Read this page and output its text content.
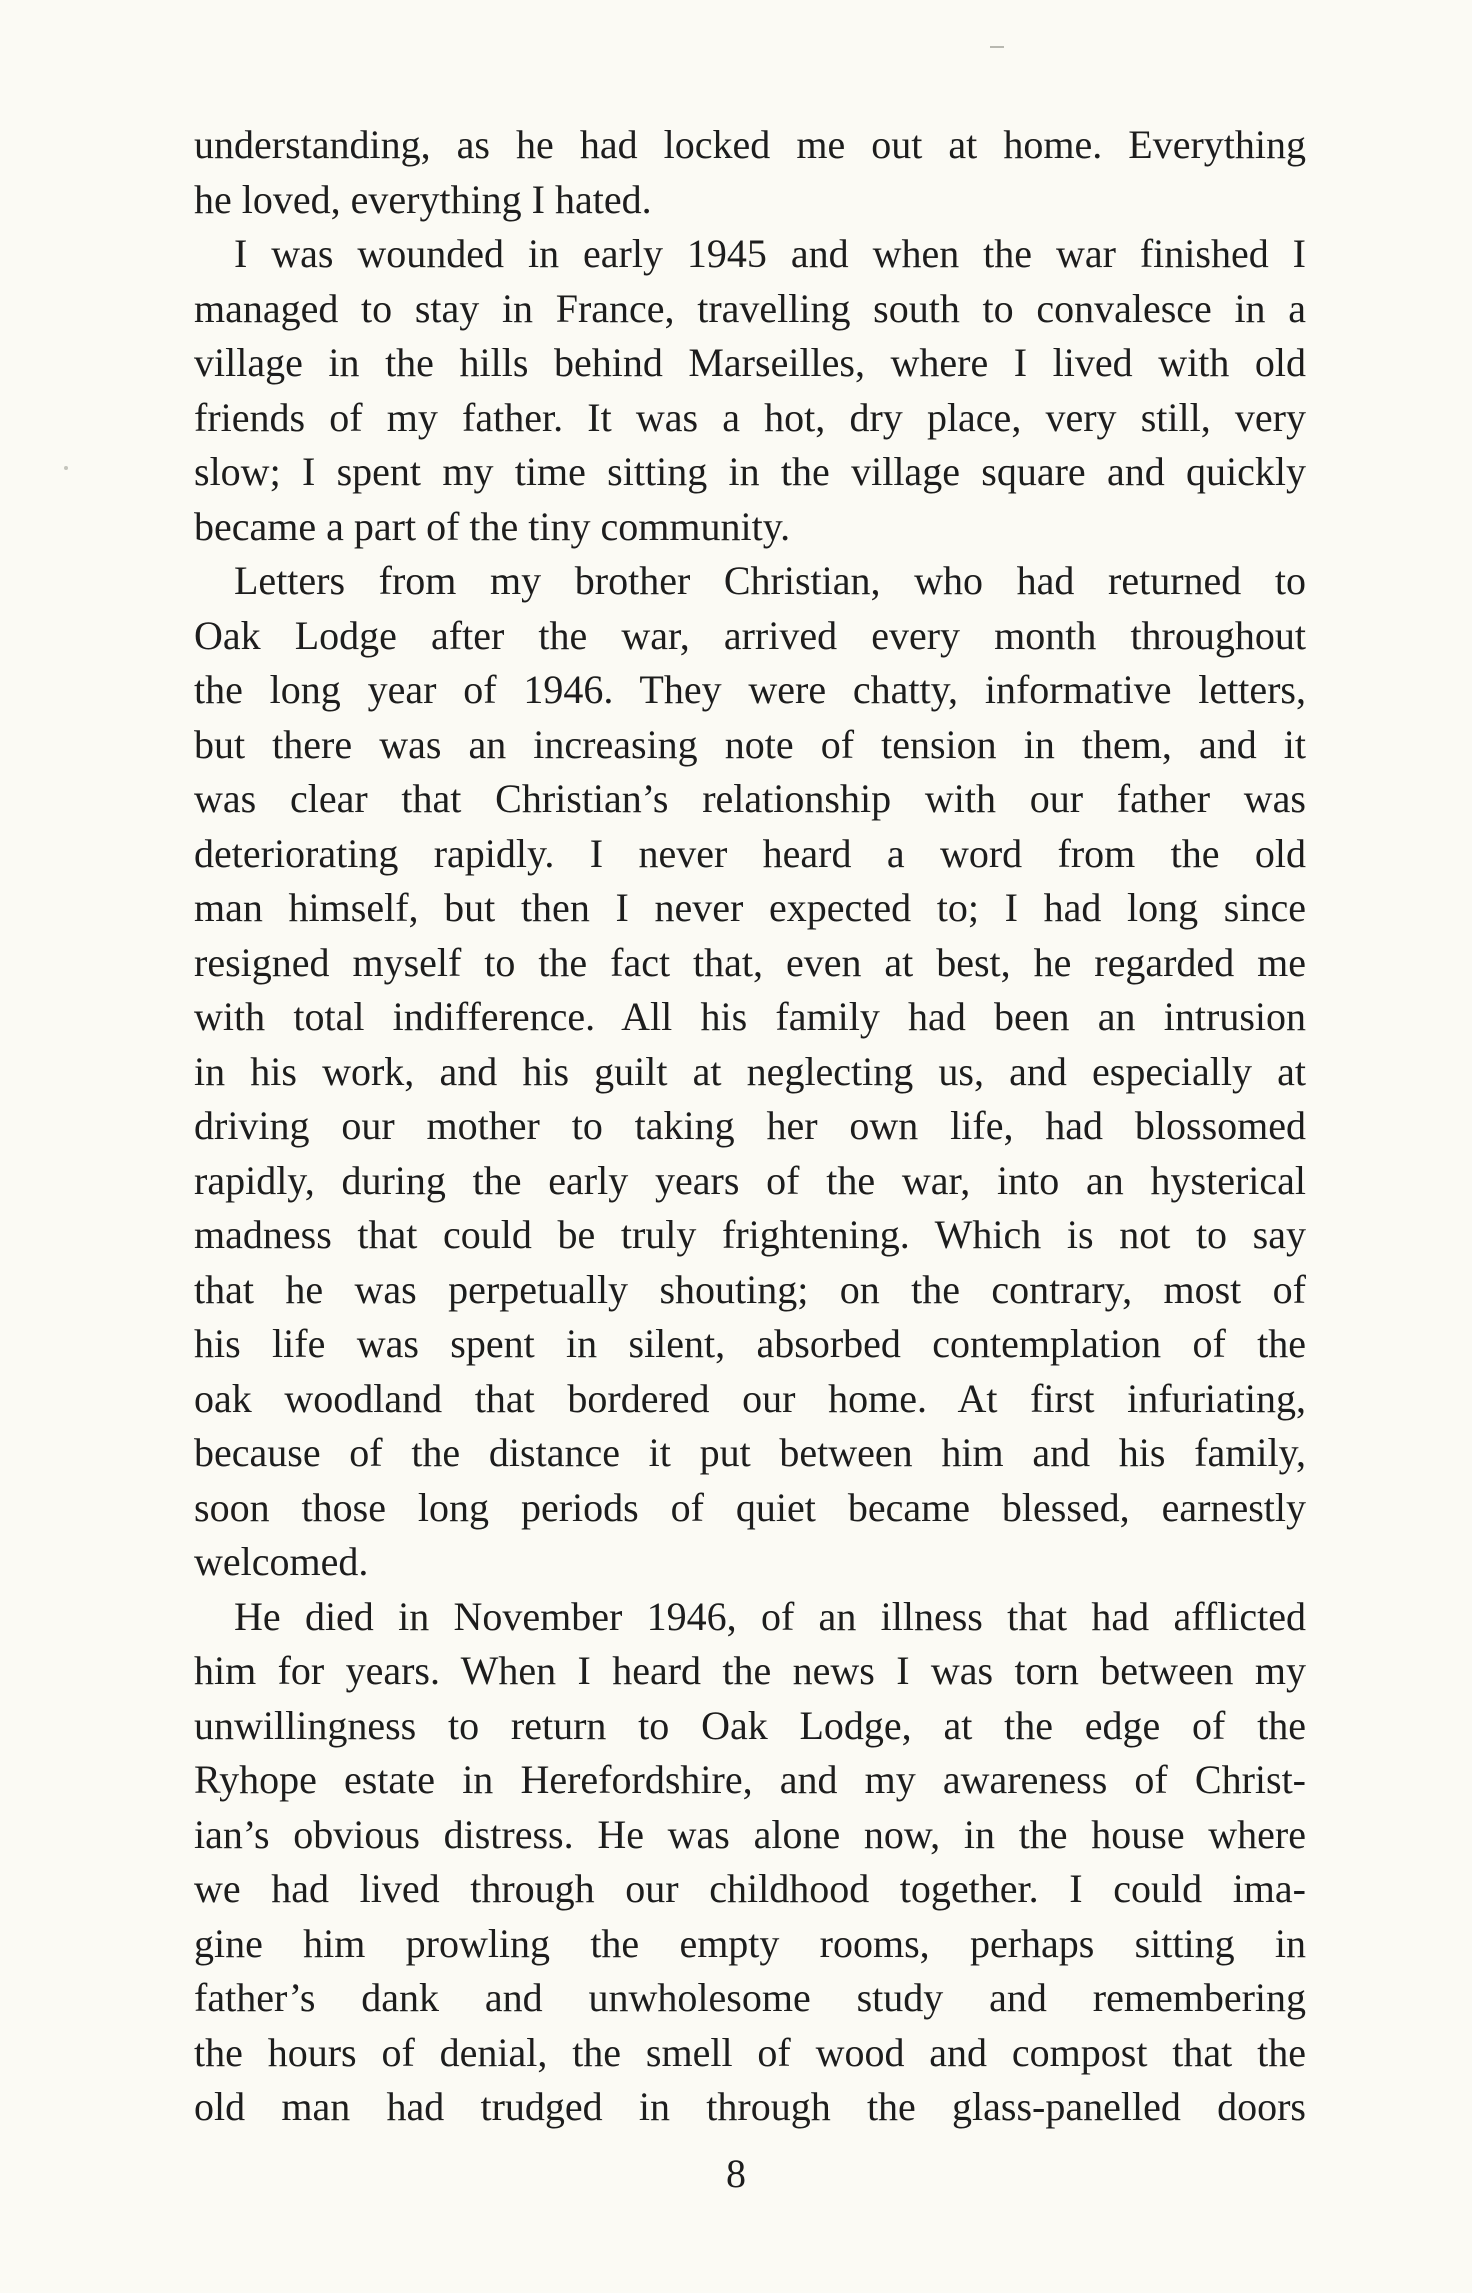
understanding, as he had locked me out at home. Everything
he loved, everything I hated.
I was wounded in early 1945 and when the war finished I
managed to stay in France, travelling south to convalesce in a
village in the hills behind Marseilles, where I lived with old
friends of my father. It was a hot, dry place, very still, very
slow; I spent my time sitting in the village square and quickly
became a part of the tiny community.
Letters from my brother Christian, who had returned to
Oak Lodge after the war, arrived every month throughout
the long year of 1946. They were chatty, informative letters,
but there was an increasing note of tension in them, and it
was clear that Christian’s relationship with our father was
deteriorating rapidly. I never heard a word from the old
man himself, but then I never expected to; I had long since
resigned myself to the fact that, even at best, he regarded me
with total indifference. All his family had been an intrusion
in his work, and his guilt at neglecting us, and especially at
driving our mother to taking her own life, had blossomed
rapidly, during the early years of the war, into an hysterical
madness that could be truly frightening. Which is not to say
that he was perpetually shouting; on the contrary, most of
his life was spent in silent, absorbed contemplation of the
oak woodland that bordered our home. At first infuriating,
because of the distance it put between him and his family,
soon those long periods of quiet became blessed, earnestly
welcomed.
He died in November 1946, of an illness that had afflicted
him for years. When I heard the news I was torn between my
unwillingness to return to Oak Lodge, at the edge of the
Ryhope estate in Herefordshire, and my awareness of Christ-
ian’s obvious distress. He was alone now, in the house where
we had lived through our childhood together. I could ima-
gine him prowling the empty rooms, perhaps sitting in
father’s dank and unwholesome study and remembering
the hours of denial, the smell of wood and compost that the
old man had trudged in through the glass-panelled doors
8
